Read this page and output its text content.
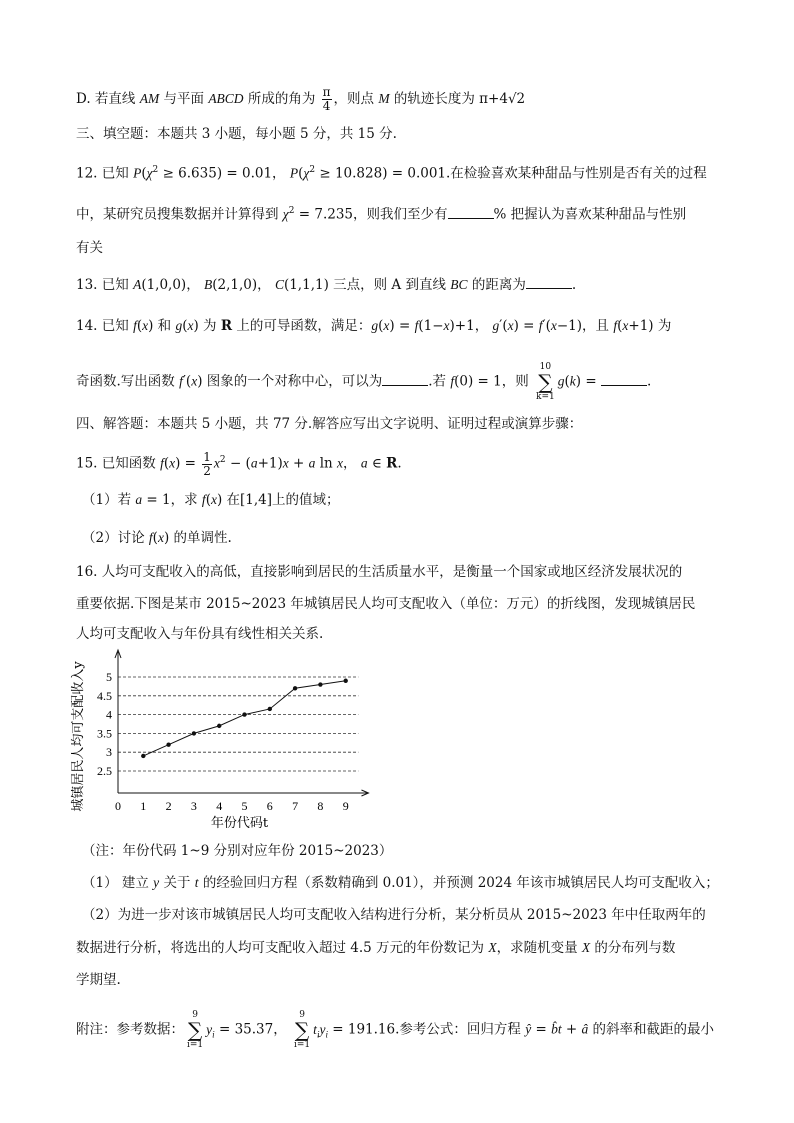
D. 若直线 AM 与平面 ABCD 所成的角为 $\frac{\pi}{4}$ ，则点 M 的轨迹长度为 π+4√2
三、填空题：本题共 3 小题，每小题 5 分，共 15 分.
12. 已知 $P(\chi^2 \ge 6.635) = 0.01$， $P(\chi^2 \ge 10.828) = 0.001$.在检验喜欢某种甜品与性别是否有关的过程
中，某研究员搜集数据并计算得到 $\chi^2 = 7.235$，则我们至少有	% 把握认为喜欢某种甜品与性别
有关
13. 已知 A(1,0,0)， B(2,1,0)， C(1,1,1) 三点，则 A 到直线 BC 的距离为	.
14. 已知 f(x) 和 g(x) 为 R 上的可导函数，满足：g(x) = f(1−x)+1， g′(x) = f′(x−1)，且 f(x+1) 为
奇函数.写出函数 f′(x) 图象的一个对称中心，可以为	.若 f(0) = 1，则
10
∑
k=1
g(k) =	.
四、解答题：本题共 5 小题，共 77 分.解答应写出文字说明、证明过程或演算步骤：
15. 已知函数 $f(x) = \frac{1}{2} x^2 - (a+1)x + a$ ln x， a ∈ R.
（1）若 a = 1，求 f(x) 在[1,4]上的值域；
（2）讨论 f(x) 的单调性.
16. 人均可支配收入的高低，直接影响到居民的生活质量水平，是衡量一个国家或地区经济发展状况的
重要依据.下图是某市 2015~2023 年城镇居民人均可支配收入（单位：万元）的折线图，发现城镇居民
人均可支配收入与年份具有线性相关关系.
2.5
3
3.5
4
4.5
5
0 1 2 3 4 5 6 7 8 9
年份代码t
城镇居民人均可支配收入y
（注：年份代码 1~9 分别对应年份 2015~2023）
（1） 建立 y 关于 t 的经验回归方程（系数精确到 0.01），并预测 2024 年该市城镇居民人均可支配收入；
（2）为进一步对该市城镇居民人均可支配收入结构进行分析，某分析员从 2015~2023 年中任取两年的
数据进行分析，将选出的人均可支配收入超过 4.5 万元的年份数记为 X，求随机变量 X 的分布列与数
学期望.
附注：参考数据：
9
∑
i=1
$y_i = 35.37$，
9
∑
i=1
$t_iy_i = 191.16$.参考公式：回归方程 ŷ = b̂t + â 的斜率和截距的最小
